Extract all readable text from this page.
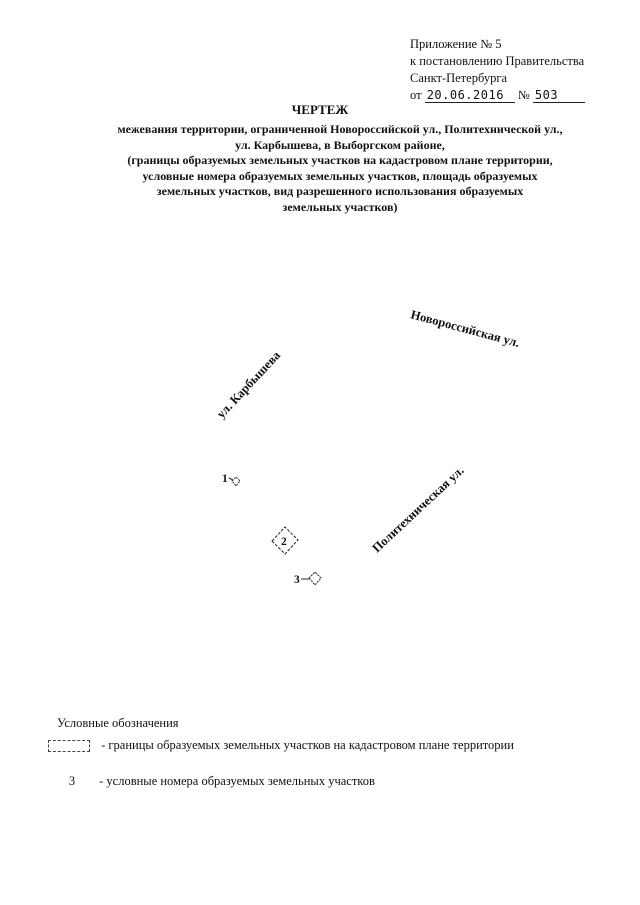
Приложение № 5
к постановлению Правительства
Санкт-Петербурга
от 20.06.2016 № 503
ЧЕРТЕЖ
межевания территории, ограниченной Новороссийской ул., Политехнической ул.,
ул. Карбышева, в Выборгском районе,
(границы образуемых земельных участков на кадастровом плане территории,
условные номера образуемых земельных участков, площадь образуемых
земельных участков, вид разрешенного использования образуемых
земельных участков)
Новороссийская ул.
ул. Карбышева
Политехническая ул.
1
2
3
Условные обозначения
- границы образуемых земельных участков на кадастровом плане территории
3 - условные номера образуемых земельных участков
